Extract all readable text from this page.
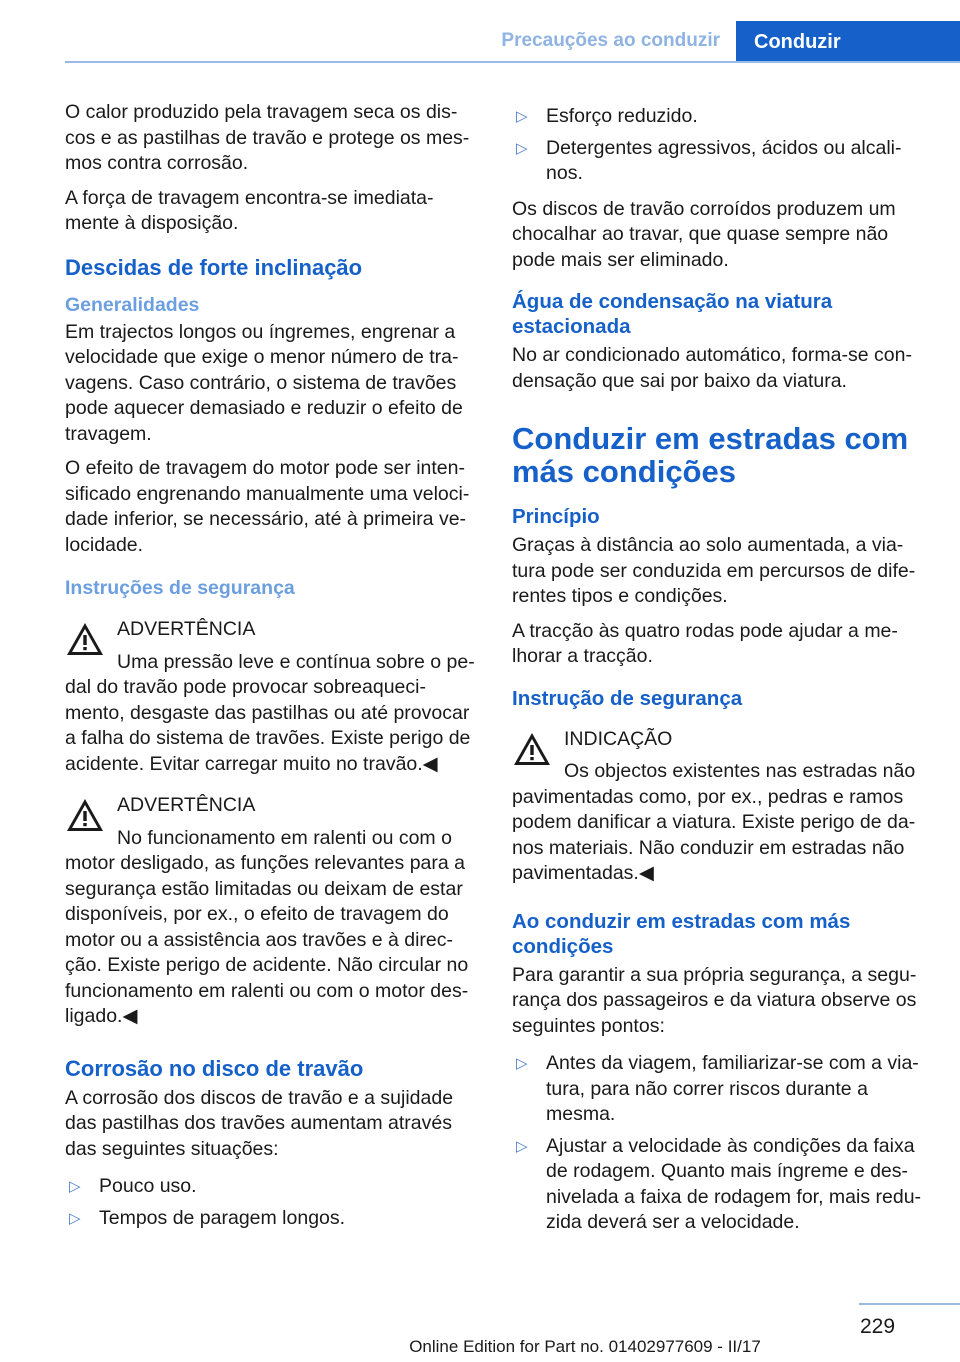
Precauções ao conduzir	Conduzir

O calor produzido pela travagem seca os dis-cos e as pastilhas de travão e protege os mes-mos contra corrosão.

A força de travagem encontra-se imediata-mente à disposição.

Descidas de forte inclinação
Generalidades

Em trajectos longos ou íngremes, engrenar a velocidade que exige o menor número de tra-vagens. Caso contrário, o sistema de travões pode aquecer demasiado e reduzir o efeito de travagem.

O efeito de travagem do motor pode ser inten-sificado engrenando manualmente uma veloci-dade inferior, se necessário, até à primeira ve-locidade.

Instruções de segurança

ADVERTÊNCIA

Uma pressão leve e contínua sobre o pe-
dal do travão pode provocar sobreaqueci-mento, desgaste das pastilhas ou até provocar a falha do sistema de travões. Existe perigo de acidente. Evitar carregar muito no travão.◀

ADVERTÊNCIA

No funcionamento em ralenti ou com o
motor desligado, as funções relevantes para a segurança estão limitadas ou deixam de estar disponíveis, por ex., o efeito de travagem do motor ou a assistência aos travões e à direc-ção. Existe perigo de acidente. Não circular no funcionamento em ralenti ou com o motor des-ligado.◀
Corrosão no disco de travão

A corrosão dos discos de travão e a sujidade das pastilhas dos travões aumentam através das seguintes situações:

▷ Pouco uso.
▷ Tempos de paragem longos.
▷ Esforço reduzido.
▷ Detergentes agressivos, ácidos ou alcali-nos.

Os discos de travão corroídos produzem um chocalhar ao travar, que quase sempre não pode mais ser eliminado.

Água de condensação na viatura estacionada

No ar condicionado automático, forma-se con-densação que sai por baixo da viatura.

Conduzir em estradas com más condições
Princípio

Graças à distância ao solo aumentada, a via-tura pode ser conduzida em percursos de dife-rentes tipos e condições.

A tracção às quatro rodas pode ajudar a me-lhorar a tracção.

Instrução de segurança

INDICAÇÃO

Os objectos existentes nas estradas não
pavimentadas como, por ex., pedras e ramos podem danificar a viatura. Existe perigo de da-nos materiais. Não conduzir em estradas não pavimentadas.◀
Ao conduzir em estradas com más condições

Para garantir a sua própria segurança, a segu-rança dos passageiros e da viatura observe os seguintes pontos:

▷ Antes da viagem, familiarizar-se com a via-tura, para não correr riscos durante a mesma.
▷ Ajustar a velocidade às condições da faixa de rodagem. Quanto mais íngreme e des-nivelada a faixa de rodagem for, mais redu-zida deverá ser a velocidade.
229
Online Edition for Part no. 01402977609 - II/17
